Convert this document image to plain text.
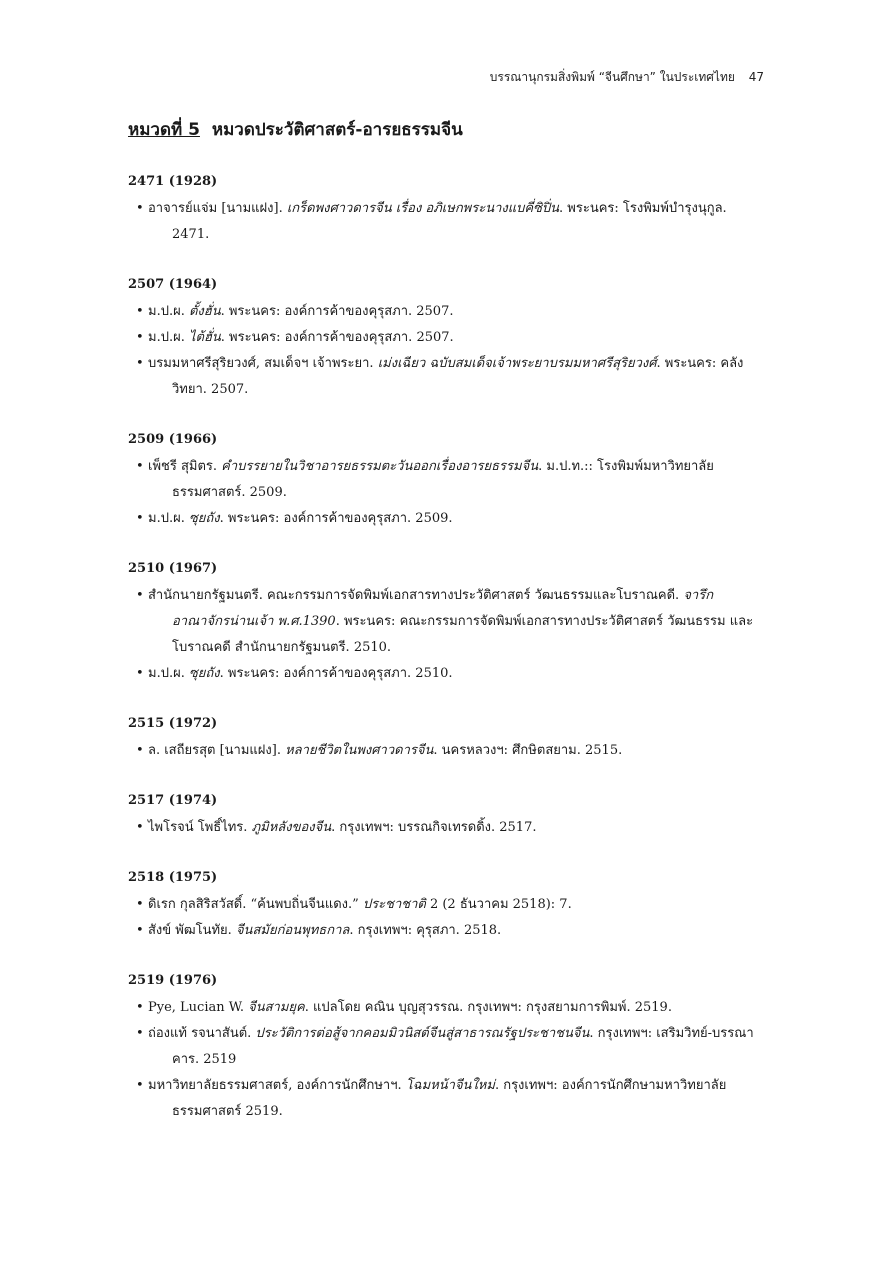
บรรณานุกรมสิ่งพิมพ์ “จีนศึกษา” ในประเทศไทย 47
หมวดที่ 5 หมวดประวัติศาสตร์-อารยธรรมจีน
2471 (1928)
• อาจารย์แจ่ม [นามแฝง]. เกร็ดพงศาวดารจีน เรื่อง อภิเษกพระนางแบคี่ซิปิ่น. พระนคร: โรงพิมพ์บำรุงนุกูล. 2471.
2507 (1964)
• ม.ป.ผ. ตั้งฮั่น. พระนคร: องค์การค้าของคุรุสภา. 2507.
• ม.ป.ผ. ไต้ฮั่น. พระนคร: องค์การค้าของคุรุสภา. 2507.
• บรมมหาศรีสุริยวงศ์, สมเด็จฯ เจ้าพระยา. เม่งเฉียว ฉบับสมเด็จเจ้าพระยาบรมมหาศรีสุริยวงศ์. พระนคร: คลังวิทยา. 2507.
2509 (1966)
• เพ็ชรี สุมิตร. คำบรรยายในวิชาอารยธรรมตะวันออกเรื่องอารยธรรมจีน. ม.ป.ท.:: โรงพิมพ์มหาวิทยาลัยธรรมศาสตร์. 2509.
• ม.ป.ผ. ซุยถัง. พระนคร: องค์การค้าของคุรุสภา. 2509.
2510 (1967)
• สำนักนายกรัฐมนตรี. คณะกรรมการจัดพิมพ์เอกสารทางประวัติศาสตร์ วัฒนธรรมและโบราณคดี. จารึกอาณาจักรน่านเจ้า พ.ศ.1390. พระนคร: คณะกรรมการจัดพิมพ์เอกสารทางประวัติศาสตร์ วัฒนธรรม และโบราณคดี สำนักนายกรัฐมนตรี. 2510.
• ม.ป.ผ. ซุยถัง. พระนคร: องค์การค้าของคุรุสภา. 2510.
2515 (1972)
• ล. เสถียรสุต [นามแฝง]. หลายชีวิตในพงศาวดารจีน. นครหลวงฯ: ศึกษิตสยาม. 2515.
2517 (1974)
• ไพโรจน์ โพธิ์ไทร. ภูมิหลังของจีน. กรุงเทพฯ: บรรณกิจเทรดดิ้ง. 2517.
2518 (1975)
• ดิเรก กุลสิริสวัสดิ์. “ค้นพบถิ่นจีนแดง.” ประชาชาติ 2 (2 ธันวาคม 2518): 7.
• สังข์ พัฒโนทัย. จีนสมัยก่อนพุทธกาล. กรุงเทพฯ: คุรุสภา. 2518.
2519 (1976)
• Pye, Lucian W. จีนสามยุค. แปลโดย คณิน บุญสุวรรณ. กรุงเทพฯ: กรุงสยามการพิมพ์. 2519.
• ถ่องแท้ รจนาสันต์. ประวัติการต่อสู้จากคอมมิวนิสต์จีนสู่สาธารณรัฐประชาชนจีน. กรุงเทพฯ: เสริมวิทย์-บรรณาคาร. 2519
• มหาวิทยาลัยธรรมศาสตร์, องค์การนักศึกษาฯ. โฉมหน้าจีนใหม่. กรุงเทพฯ: องค์การนักศึกษามหาวิทยาลัยธรรมศาสตร์ 2519.
